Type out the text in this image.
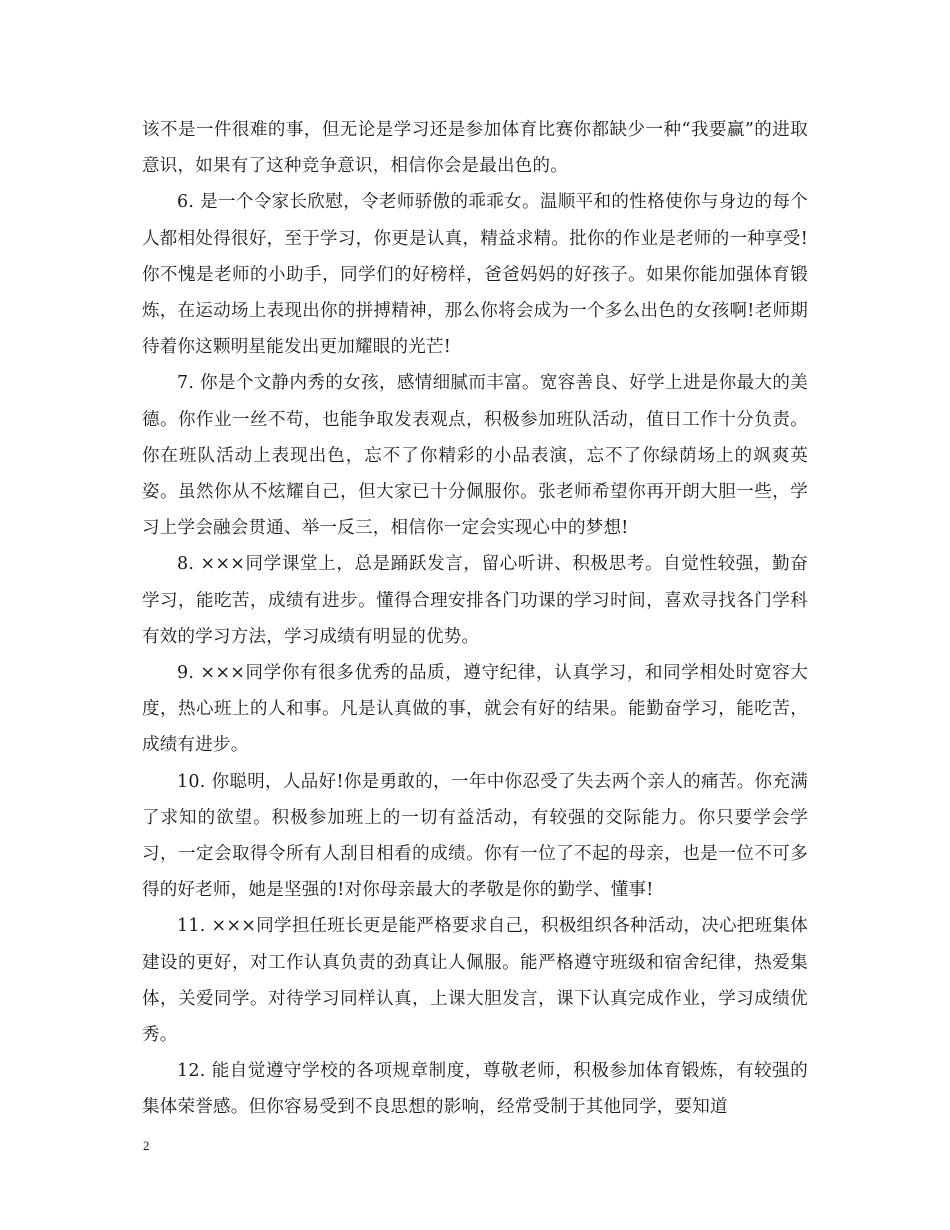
该不是一件很难的事，但无论是学习还是参加体育比赛你都缺少一种“我要赢”的进取意识，如果有了这种竞争意识，相信你会是最出色的。

6. 是一个令家长欣慰，令老师骄傲的乖乖女。温顺平和的性格使你与身边的每个人都相处得很好，至于学习，你更是认真，精益求精。批你的作业是老师的一种享受!你不愧是老师的小助手，同学们的好榜样，爸爸妈妈的好孩子。如果你能加强体育锻炼，在运动场上表现出你的拼搏精神，那么你将会成为一个多么出色的女孩啊!老师期待着你这颗明星能发出更加耀眼的光芒!

7. 你是个文静内秀的女孩，感情细腻而丰富。宽容善良、好学上进是你最大的美德。你作业一丝不苟，也能争取发表观点，积极参加班队活动，值日工作十分负责。你在班队活动上表现出色，忘不了你精彩的小品表演，忘不了你绿荫场上的飒爽英姿。虽然你从不炫耀自己，但大家已十分佩服你。张老师希望你再开朗大胆一些，学习上学会融会贯通、举一反三，相信你一定会实现心中的梦想!

8. ×××同学课堂上，总是踊跃发言，留心听讲、积极思考。自觉性较强，勤奋学习，能吃苦，成绩有进步。懂得合理安排各门功课的学习时间，喜欢寻找各门学科有效的学习方法，学习成绩有明显的优势。

9. ×××同学你有很多优秀的品质，遵守纪律，认真学习，和同学相处时宽容大度，热心班上的人和事。凡是认真做的事，就会有好的结果。能勤奋学习，能吃苦，成绩有进步。

10. 你聪明，人品好!你是勇敢的，一年中你忍受了失去两个亲人的痛苦。你充满了求知的欲望。积极参加班上的一切有益活动，有较强的交际能力。你只要学会学习，一定会取得令所有人刮目相看的成绩。你有一位了不起的母亲，也是一位不可多得的好老师，她是坚强的!对你母亲最大的孝敬是你的勤学、懂事!

11. ×××同学担任班长更是能严格要求自己，积极组织各种活动，决心把班集体建设的更好，对工作认真负责的劲真让人佩服。能严格遵守班级和宿舍纪律，热爱集体，关爱同学。对待学习同样认真，上课大胆发言，课下认真完成作业，学习成绩优秀。

12. 能自觉遵守学校的各项规章制度，尊敬老师，积极参加体育锻炼，有较强的集体荣誉感。但你容易受到不良思想的影响，经常受制于其他同学，要知道

2
